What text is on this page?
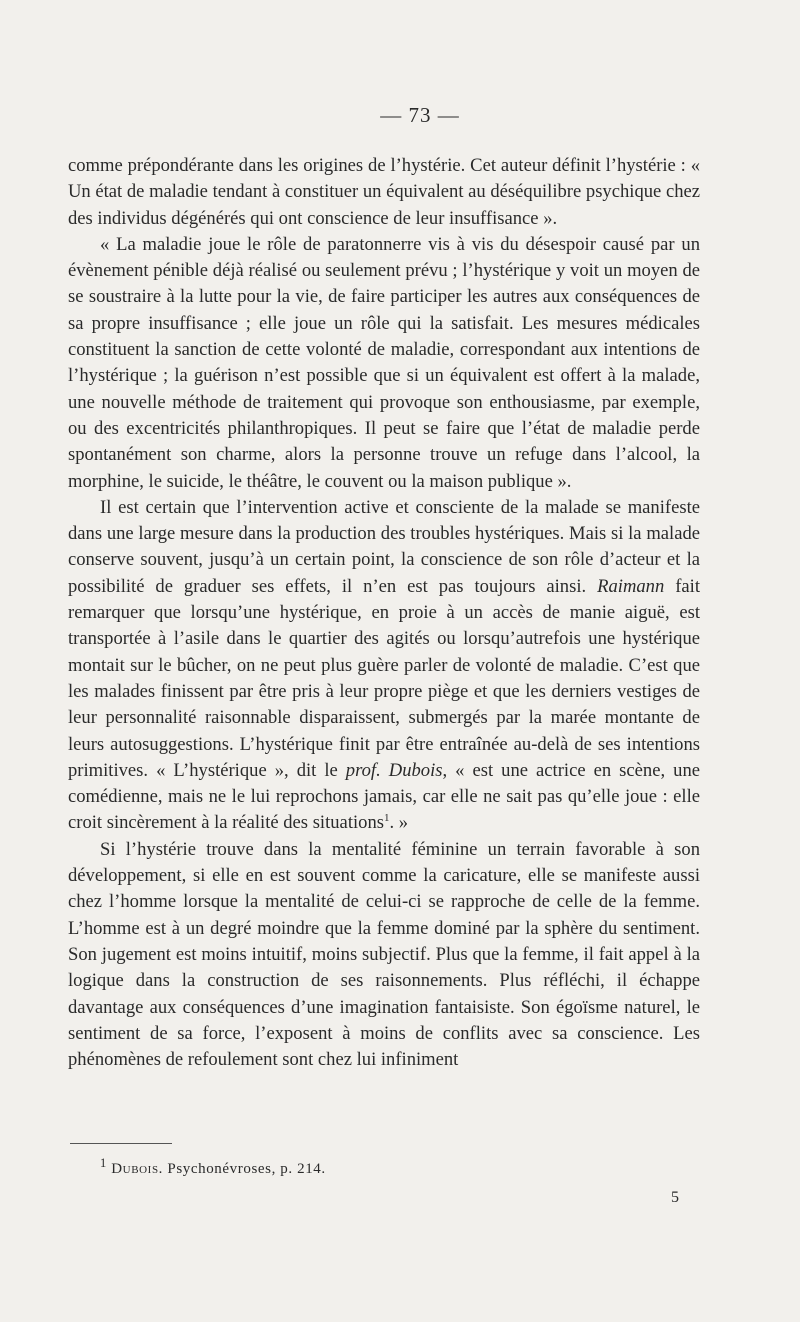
— 73 —

comme prépondérante dans les origines de l’hystérie. Cet auteur définit l’hystérie : « Un état de maladie tendant à constituer un équivalent au déséquilibre psychique chez des individus dégénérés qui ont conscience de leur insuffisance ».

« La maladie joue le rôle de paratonnerre vis à vis du désespoir causé par un évènement pénible déjà réalisé ou seulement prévu ; l’hystérique y voit un moyen de se soustraire à la lutte pour la vie, de faire participer les autres aux conséquences de sa propre insuffisance ; elle joue un rôle qui la satisfait. Les mesures médicales constituent la sanction de cette volonté de maladie, correspondant aux intentions de l’hystérique ; la guérison n’est possible que si un équivalent est offert à la malade, une nouvelle méthode de traitement qui provoque son enthousiasme, par exemple, ou des excentricités philanthropiques. Il peut se faire que l’état de maladie perde spontanément son charme, alors la personne trouve un refuge dans l’alcool, la morphine, le suicide, le théâtre, le couvent ou la maison publique ».

Il est certain que l’intervention active et consciente de la malade se manifeste dans une large mesure dans la production des troubles hystériques. Mais si la malade conserve souvent, jusqu’à un certain point, la conscience de son rôle d’acteur et la possibilité de graduer ses effets, il n’en est pas toujours ainsi. Raimann fait remarquer que lorsqu’une hystérique, en proie à un accès de manie aiguë, est transportée à l’asile dans le quartier des agités ou lorsqu’autrefois une hystérique montait sur le bûcher, on ne peut plus guère parler de volonté de maladie. C’est que les malades finissent par être pris à leur propre piège et que les derniers vestiges de leur personnalité raisonnable disparaissent, submergés par la marée montante de leurs autosuggestions. L’hystérique finit par être entraînée au-delà de ses intentions primitives. « L’hystérique », dit le prof. Dubois, « est une actrice en scène, une comédienne, mais ne le lui reprochons jamais, car elle ne sait pas qu’elle joue : elle croit sincèrement à la réalité des situations$^1$. »

Si l’hystérie trouve dans la mentalité féminine un terrain favorable à son développement, si elle en est souvent comme la caricature, elle se manifeste aussi chez l’homme lorsque la mentalité de celui-ci se rapproche de celle de la femme. L’homme est à un degré moindre que la femme dominé par la sphère du sentiment. Son jugement est moins intuitif, moins subjectif. Plus que la femme, il fait appel à la logique dans la construction de ses raisonnements. Plus réfléchi, il échappe davantage aux conséquences d’une imagination fantaisiste. Son égoïsme naturel, le sentiment de sa force, l’exposent à moins de conflits avec sa conscience. Les phénomènes de refoulement sont chez lui infiniment

$^1$ Dubois. Psychonévroses, p. 214.
5
